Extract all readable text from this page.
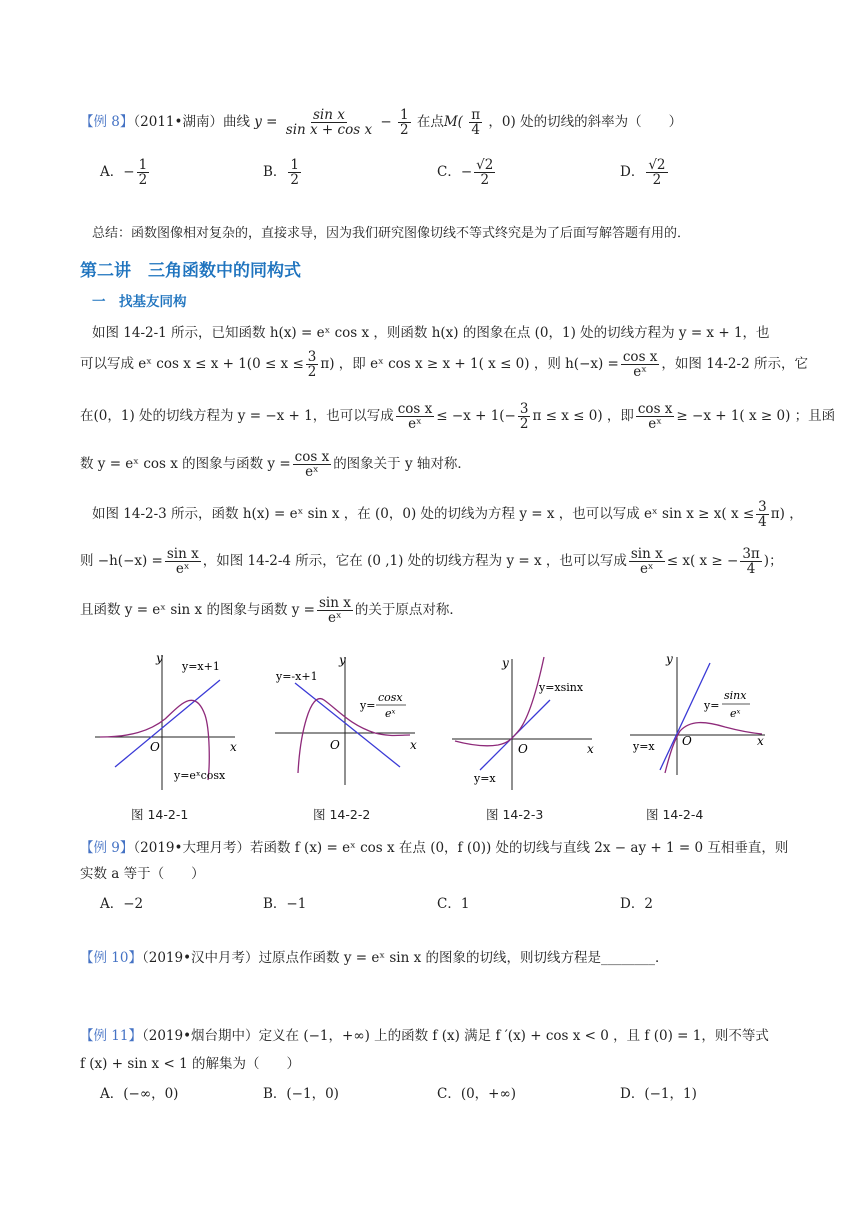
【例 8】（2011•湖南）曲线 $y = \frac{\text{sin x}}{\text{sin x + cos x}} - \frac{1}{2}$ 在点$M( \frac{\pi}{4}$ ，0) 处的切线的斜率为（　　）
A．− $\frac{1}{2}$	B． $\frac{1}{2}$	C．− $\frac{√2}{2}$	D． $\frac{√2}{2}$
总结：函数图像相对复杂的，直接求导，因为我们研究图像切线不等式终究是为了后面写解答题有用的．
第二讲　三角函数中的同构式
一　找基友同构
如图 14-2-1 所示，已知函数 h(x) = eˣ cos x ，则函数 h(x) 的图象在点 (0，1) 处的切线方程为 y = x + 1，也
可以写成 eˣ $\cos x \le x + 1(0 \le x \le \frac{3}{2} \pi)$ ，即 eˣ cos x ≥ x + 1( x ≤ 0) ，则 $h(-x) = \frac{\text{cos x}}{\text{eˣ}}$ ，如图 14-2-2 所示，它
在(0，1) 处的切线方程为 y = −x + 1，也可以写成 $\frac{\text{cos x}}{\text{eˣ}} \le -x + 1(- \frac{3}{2}$ π ≤ x ≤ 0) ，即 $\frac{\text{cos x}}{\text{eˣ}} \ge -x + 1$( x ≥ 0) ；且函
数 y = eˣ cos x 的图象与函数 $y = \frac{\text{cos x}}{\text{eˣ}}$ 的图象关于 y 轴对称．
如图 14-2-3 所示，函数 h(x) = eˣ sin x ，在 (0，0) 处的切线为方程 y = x ，也可以写成 eˣ sin x ≥ x( $x \le \frac{3}{4} \pi$) ，
则 $-h(-x) = \frac{\text{sin x}}{\text{eˣ}}$ ，如图 14-2-4 所示，它在 (0 ,1) 处的切线方程为 y = x ，也可以写成 $\frac{\text{sin x}}{\text{eˣ}} \le x$( x ≥ − $\frac{3\pi}{4}$ )；
且函数 y = eˣ sin x 的图象与函数 $y = \frac{\text{sin x}}{\text{eˣ}}$ 的关于原点对称．
y
x
O
y=x+1
y=eˣcosx
y
x
O
y=-x+1
y=
cosx
eˣ
y
x
O
y=x
y=xsinx
y
x
O
y=x
y=
sinx
eˣ
图 14-2-1	图 14-2-2	图 14-2-3	图 14-2-4
【例 9】（2019•大理月考）若函数 f (x) = eˣ cos x 在点 (0，f (0)) 处的切线与直线 2x − ay + 1 = 0 互相垂直，则
实数 a 等于（　　）
A．−2	B．−1	C．1	D．2
【例 10】（2019•汉中月考）过原点作函数 y = eˣ sin x 的图象的切线，则切线方程是________．
【例 11】（2019•烟台期中）定义在 (−1，+∞) 上的函数 f (x) 满足 f ′(x) + cos x < 0 ，且 f (0) = 1，则不等式
f (x) + sin x < 1 的解集为（　　）
A．(−∞，0)	B．(−1，0)	C．(0，+∞)	D．(−1，1)
